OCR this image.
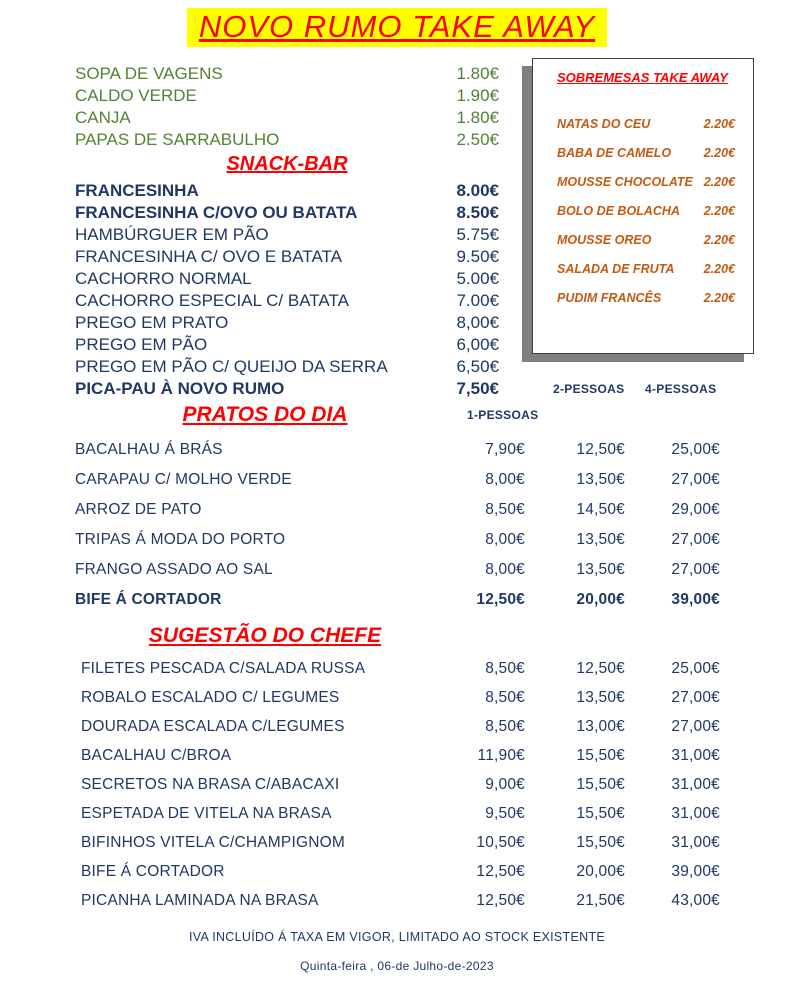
NOVO RUMO TAKE AWAY
SOPA DE VAGENS	1.80€
CALDO VERDE	1.90€
CANJA	1.80€
PAPAS DE SARRABULHO	2.50€
SNACK-BAR
FRANCESINHA	8.00€
FRANCESINHA C/OVO OU BATATA	8.50€
HAMBÚRGUER EM PÃO	5.75€
FRANCESINHA C/ OVO E BATATA	9.50€
CACHORRO NORMAL	5.00€
CACHORRO ESPECIAL C/ BATATA	7.00€
PREGO EM PRATO	8,00€
PREGO EM PÃO	6,00€
PREGO EM PÃO C/ QUEIJO DA SERRA	6,50€
PICA-PAU À NOVO RUMO	7,50€
PRATOS DO DIA
BACALHAU Á BRÁS	7,90€	12,50€	25,00€
CARAPAU C/ MOLHO VERDE	8,00€	13,50€	27,00€
ARROZ DE PATO	8,50€	14,50€	29,00€
TRIPAS Á MODA DO PORTO	8,00€	13,50€	27,00€
FRANGO ASSADO AO SAL	8,00€	13,50€	27,00€
BIFE Á CORTADOR	12,50€	20,00€	39,00€
SUGESTÃO DO CHEFE
FILETES PESCADA C/SALADA RUSSA	8,50€	12,50€	25,00€
ROBALO ESCALADO C/ LEGUMES	8,50€	13,50€	27,00€
DOURADA ESCALADA C/LEGUMES	8,50€	13,00€	27,00€
BACALHAU C/BROA	11,90€	15,50€	31,00€
SECRETOS NA BRASA C/ABACAXI	9,00€	15,50€	31,00€
ESPETADA DE VITELA NA BRASA	9,50€	15,50€	31,00€
BIFINHOS VITELA C/CHAMPIGNOM	10,50€	15,50€	31,00€
BIFE Á CORTADOR	12,50€	20,00€	39,00€
PICANHA LAMINADA NA BRASA	12,50€	21,50€	43,00€
SOBREMESAS TAKE AWAY
NATAS DO CEU	2.20€
BABA DE CAMELO	2.20€
MOUSSE CHOCOLATE 2.20€
BOLO DE BOLACHA 2.20€
MOUSSE OREO	2.20€
SALADA DE FRUTA 2.20€
PUDIM FRANCÊS	2.20€
1-PESSOAS
2-PESSOAS 4-PESSOAS
IVA INCLUÍDO Á TAXA EM VIGOR, LIMITADO AO STOCK EXISTENTE
Quinta-feira , 06-de Julho-de-2023
